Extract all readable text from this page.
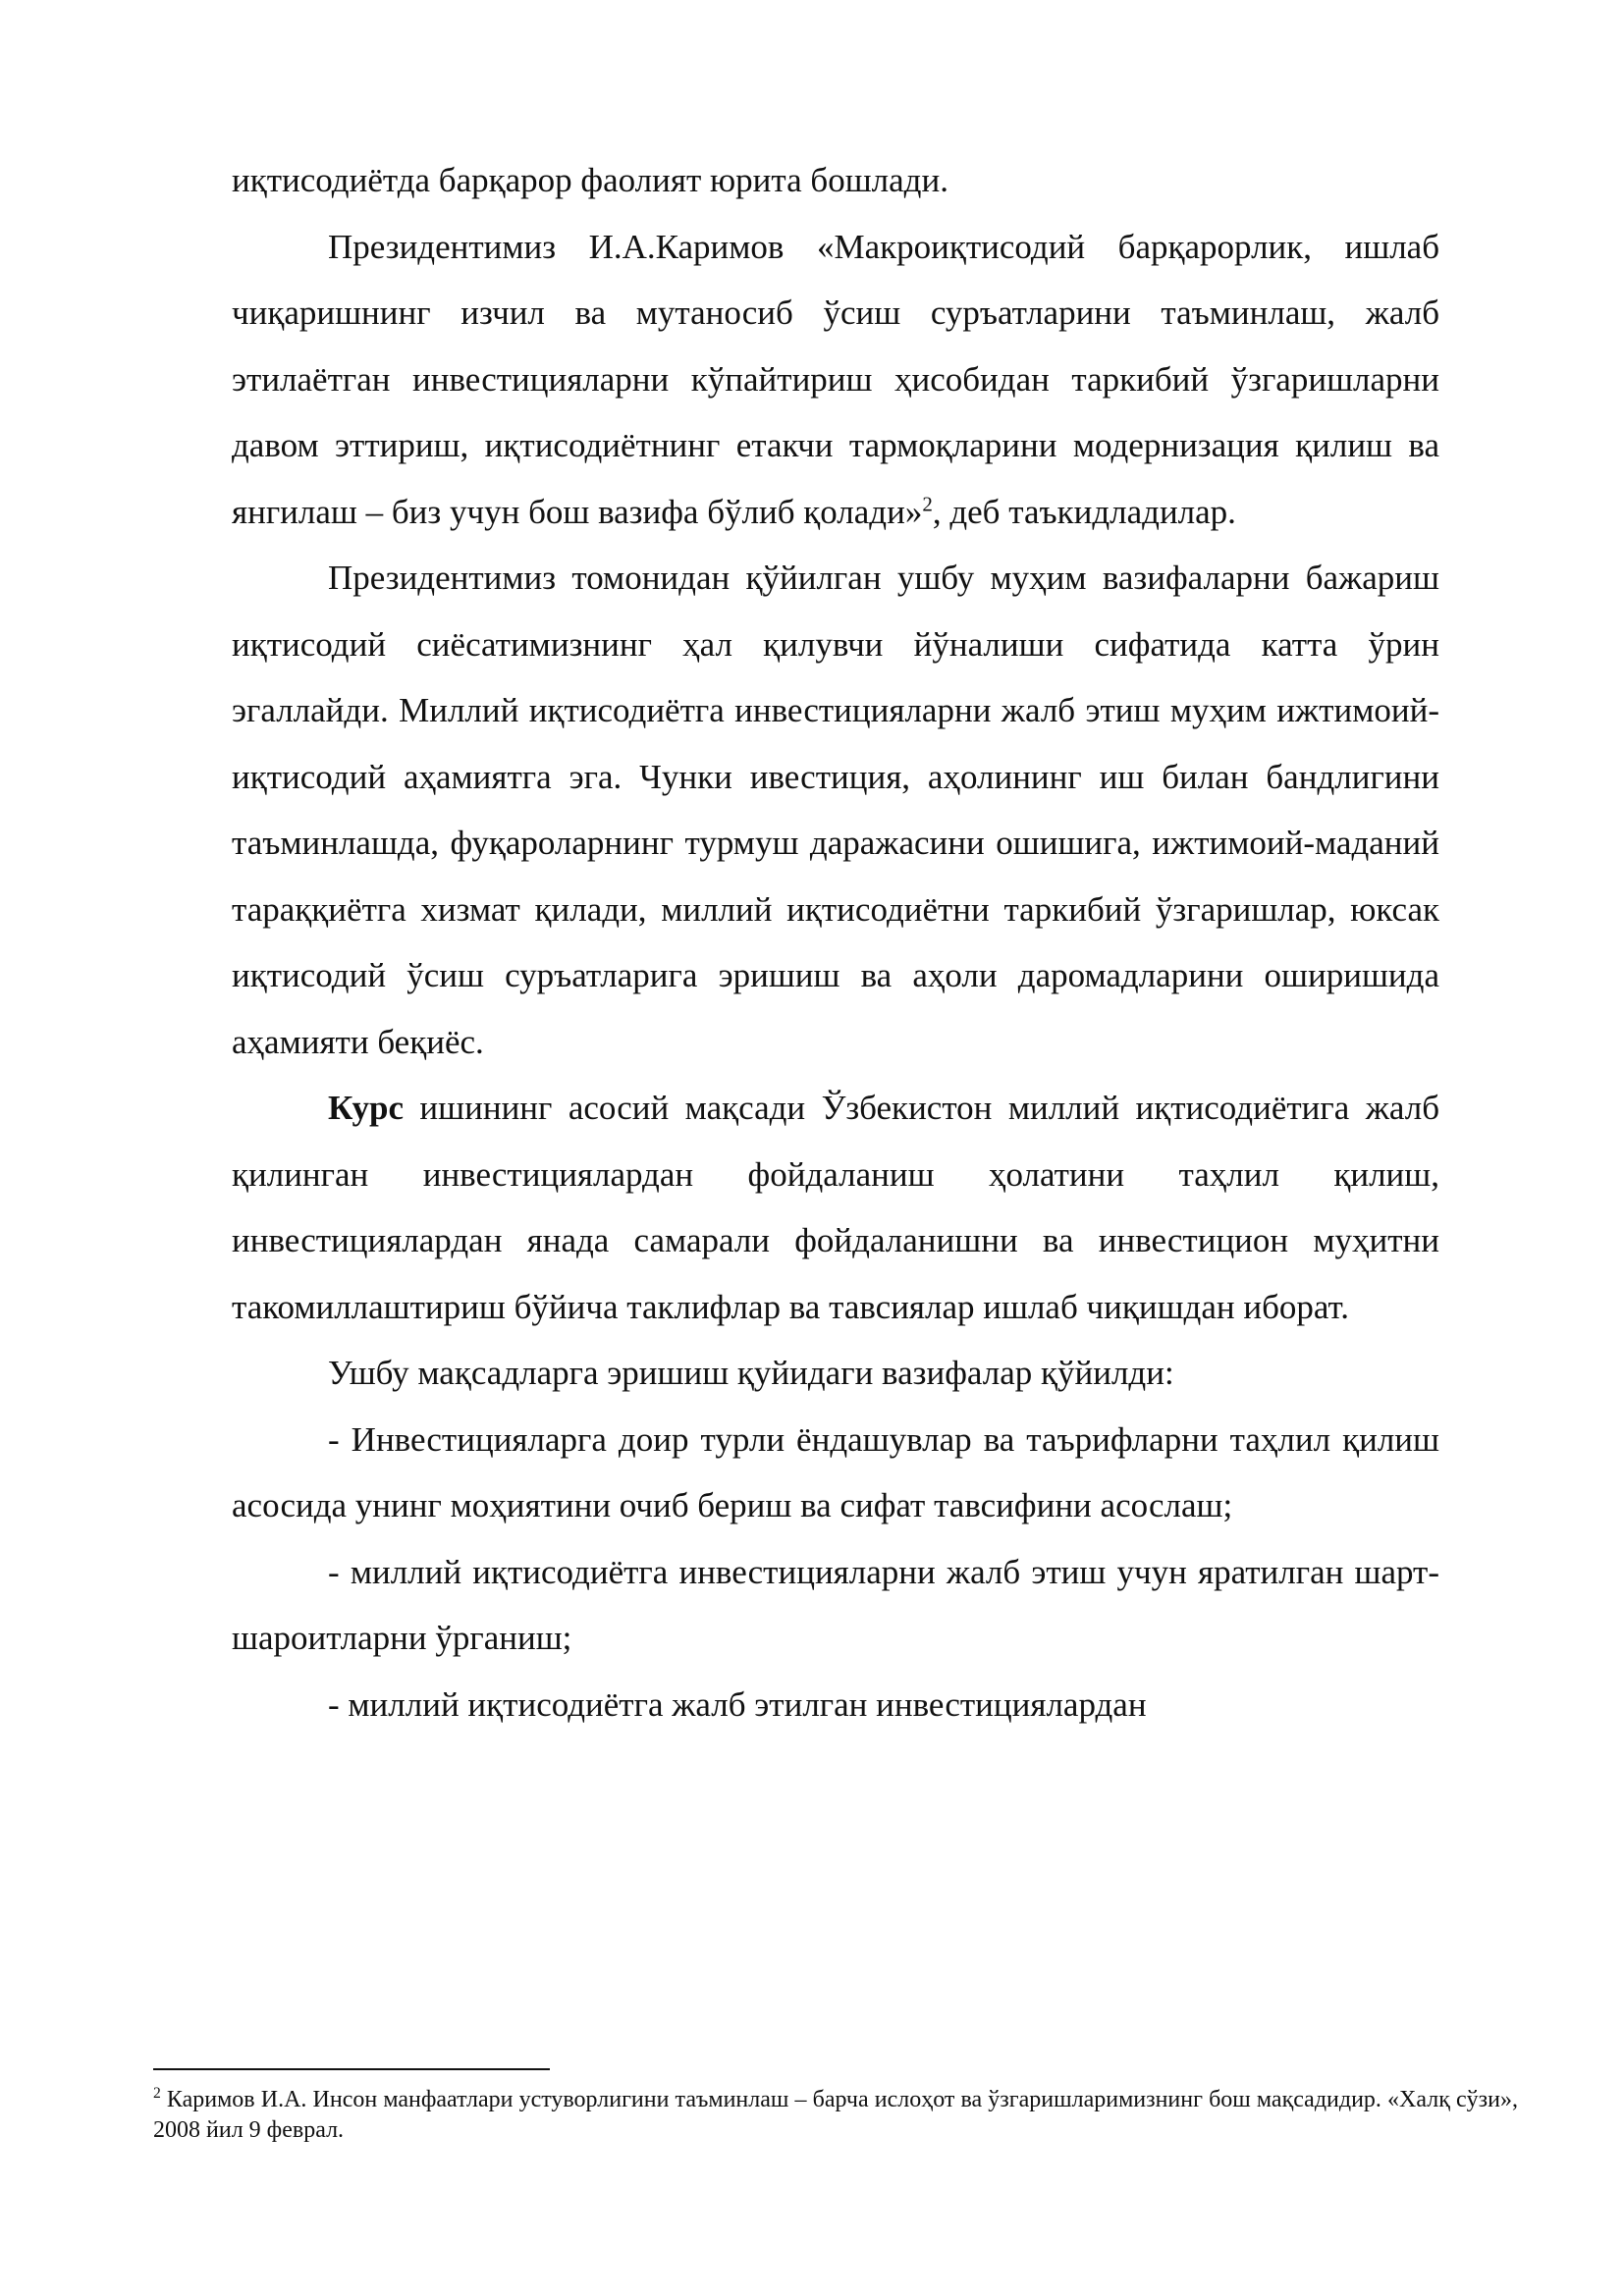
иқтисодиётда барқарор фаолият юрита бошлади.

Президентимиз И.А.Каримов «Макроиқтисодий барқарорлик, ишлаб чиқаришнинг изчил ва мутаносиб ўсиш суръатларини таъминлаш, жалб этилаётган инвестицияларни кўпайтириш ҳисобидан таркибий ўзгаришларни давом эттириш, иқтисодиётнинг етакчи тармоқларини модернизация қилиш ва янгилаш – биз учун бош вазифа бўлиб қолади»$^2$, деб таъкидладилар.

Президентимиз томонидан қўйилган ушбу муҳим вазифаларни бажариш иқтисодий сиёсатимизнинг ҳал қилувчи йўналиши сифатида катта ўрин эгаллайди. Миллий иқтисодиётга инвестицияларни жалб этиш муҳим ижтимоий-иқтисодий аҳамиятга эга. Чунки ивестиция, аҳолининг иш билан бандлигини таъминлашда, фуқароларнинг турмуш даражасини ошишига, ижтимоий-маданий тараққиётга хизмат қилади, миллий иқтисодиётни таркибий ўзгаришлар, юксак иқтисодий ўсиш суръатларига эришиш ва аҳоли даромадларини оширишида аҳамияти беқиёс.

Курс ишининг асосий мақсади Ўзбекистон миллий иқтисодиётига жалб қилинган инвестициялардан фойдаланиш ҳолатини таҳлил қилиш, инвестициялардан янада самарали фойдаланишни ва инвестицион муҳитни такомиллаштириш бўйича таклифлар ва тавсиялар ишлаб чиқишдан иборат.

Ушбу мақсадларга эришиш қуйидаги вазифалар қўйилди:

- Инвестицияларга доир турли ёндашувлар ва таърифларни таҳлил қилиш асосида унинг моҳиятини очиб бериш ва сифат тавсифини асослаш;

- миллий иқтисодиётга инвестицияларни жалб этиш учун яратилган шарт-шароитларни ўрганиш;

- миллий иқтисодиётга жалб этилган инвестициялардан

$^2$ Каримов И.А. Инсон манфаатлари устуворлигини таъминлаш – барча ислоҳот ва ўзгаришларимизнинг бош мақсадидир. «Халқ сўзи», 2008 йил 9 феврал.
